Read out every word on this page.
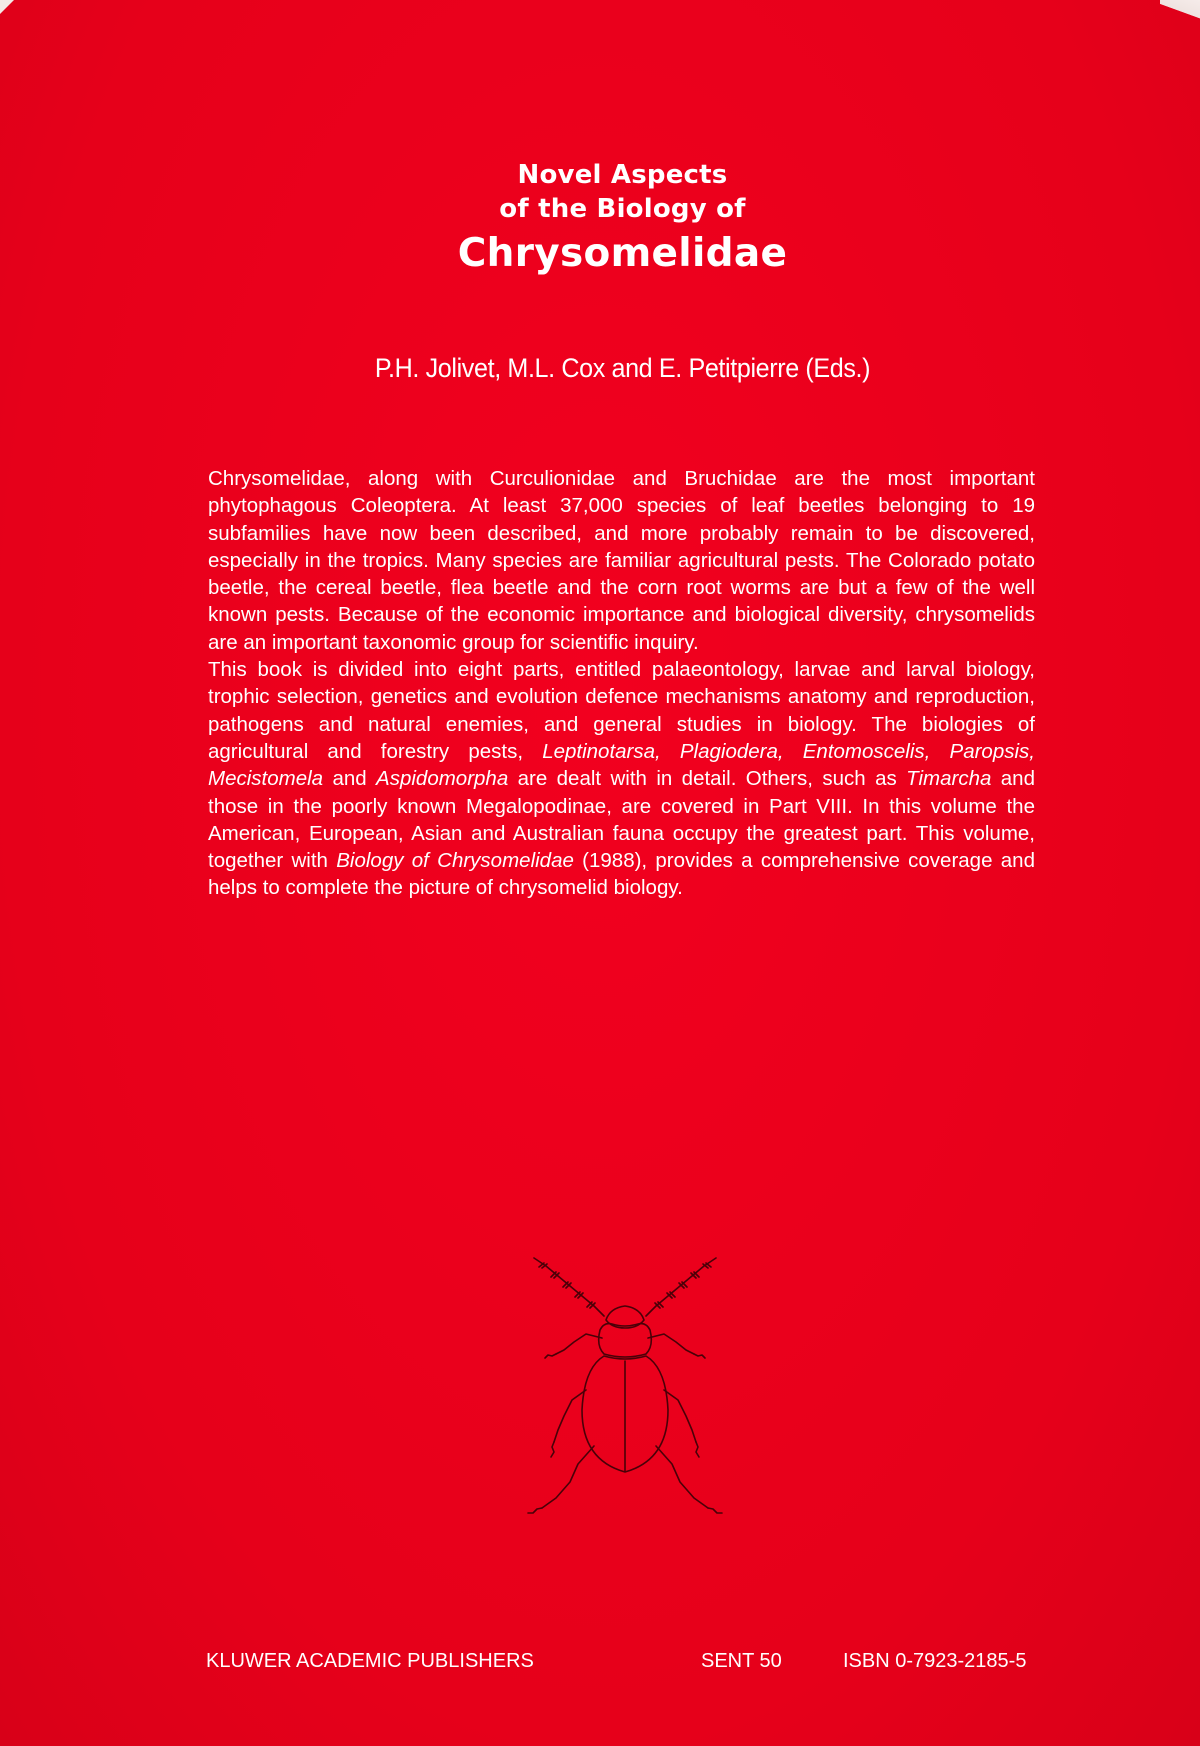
Novel Aspects
of the Biology of
Chrysomelidae
P.H. Jolivet, M.L. Cox and E. Petitpierre (Eds.)

Chrysomelidae, along with Curculionidae and Bruchidae are the most important phytophagous Coleoptera. At least 37,000 species of leaf beetles belonging to 19 subfamilies have now been described, and more probably remain to be discovered, especially in the tropics. Many species are familiar agricultural pests. The Colorado potato beetle, the cereal beetle, flea beetle and the corn root worms are but a few of the well known pests. Because of the economic importance and biological diversity, chrysomelids are an important taxonomic group for scientific inquiry.

This book is divided into eight parts, entitled palaeontology, larvae and larval biology, trophic selection, genetics and evolution defence mechanisms anatomy and reproduction, pathogens and natural enemies, and general studies in biology. The biologies of agricultural and forestry pests, Leptinotarsa, Plagiodera, Entomoscelis, Paropsis, Mecistomela and Aspidomorpha are dealt with in detail. Others, such as Timarcha and those in the poorly known Megalopodinae, are covered in Part VIII. In this volume the American, European, Asian and Australian fauna occupy the greatest part. This volume, together with Biology of Chrysomelidae (1988), provides a comprehensive coverage and helps to complete the picture of chrysomelid biology.

KLUWER ACADEMIC PUBLISHERS	SENT 50	ISBN 0-7923-2185-5
